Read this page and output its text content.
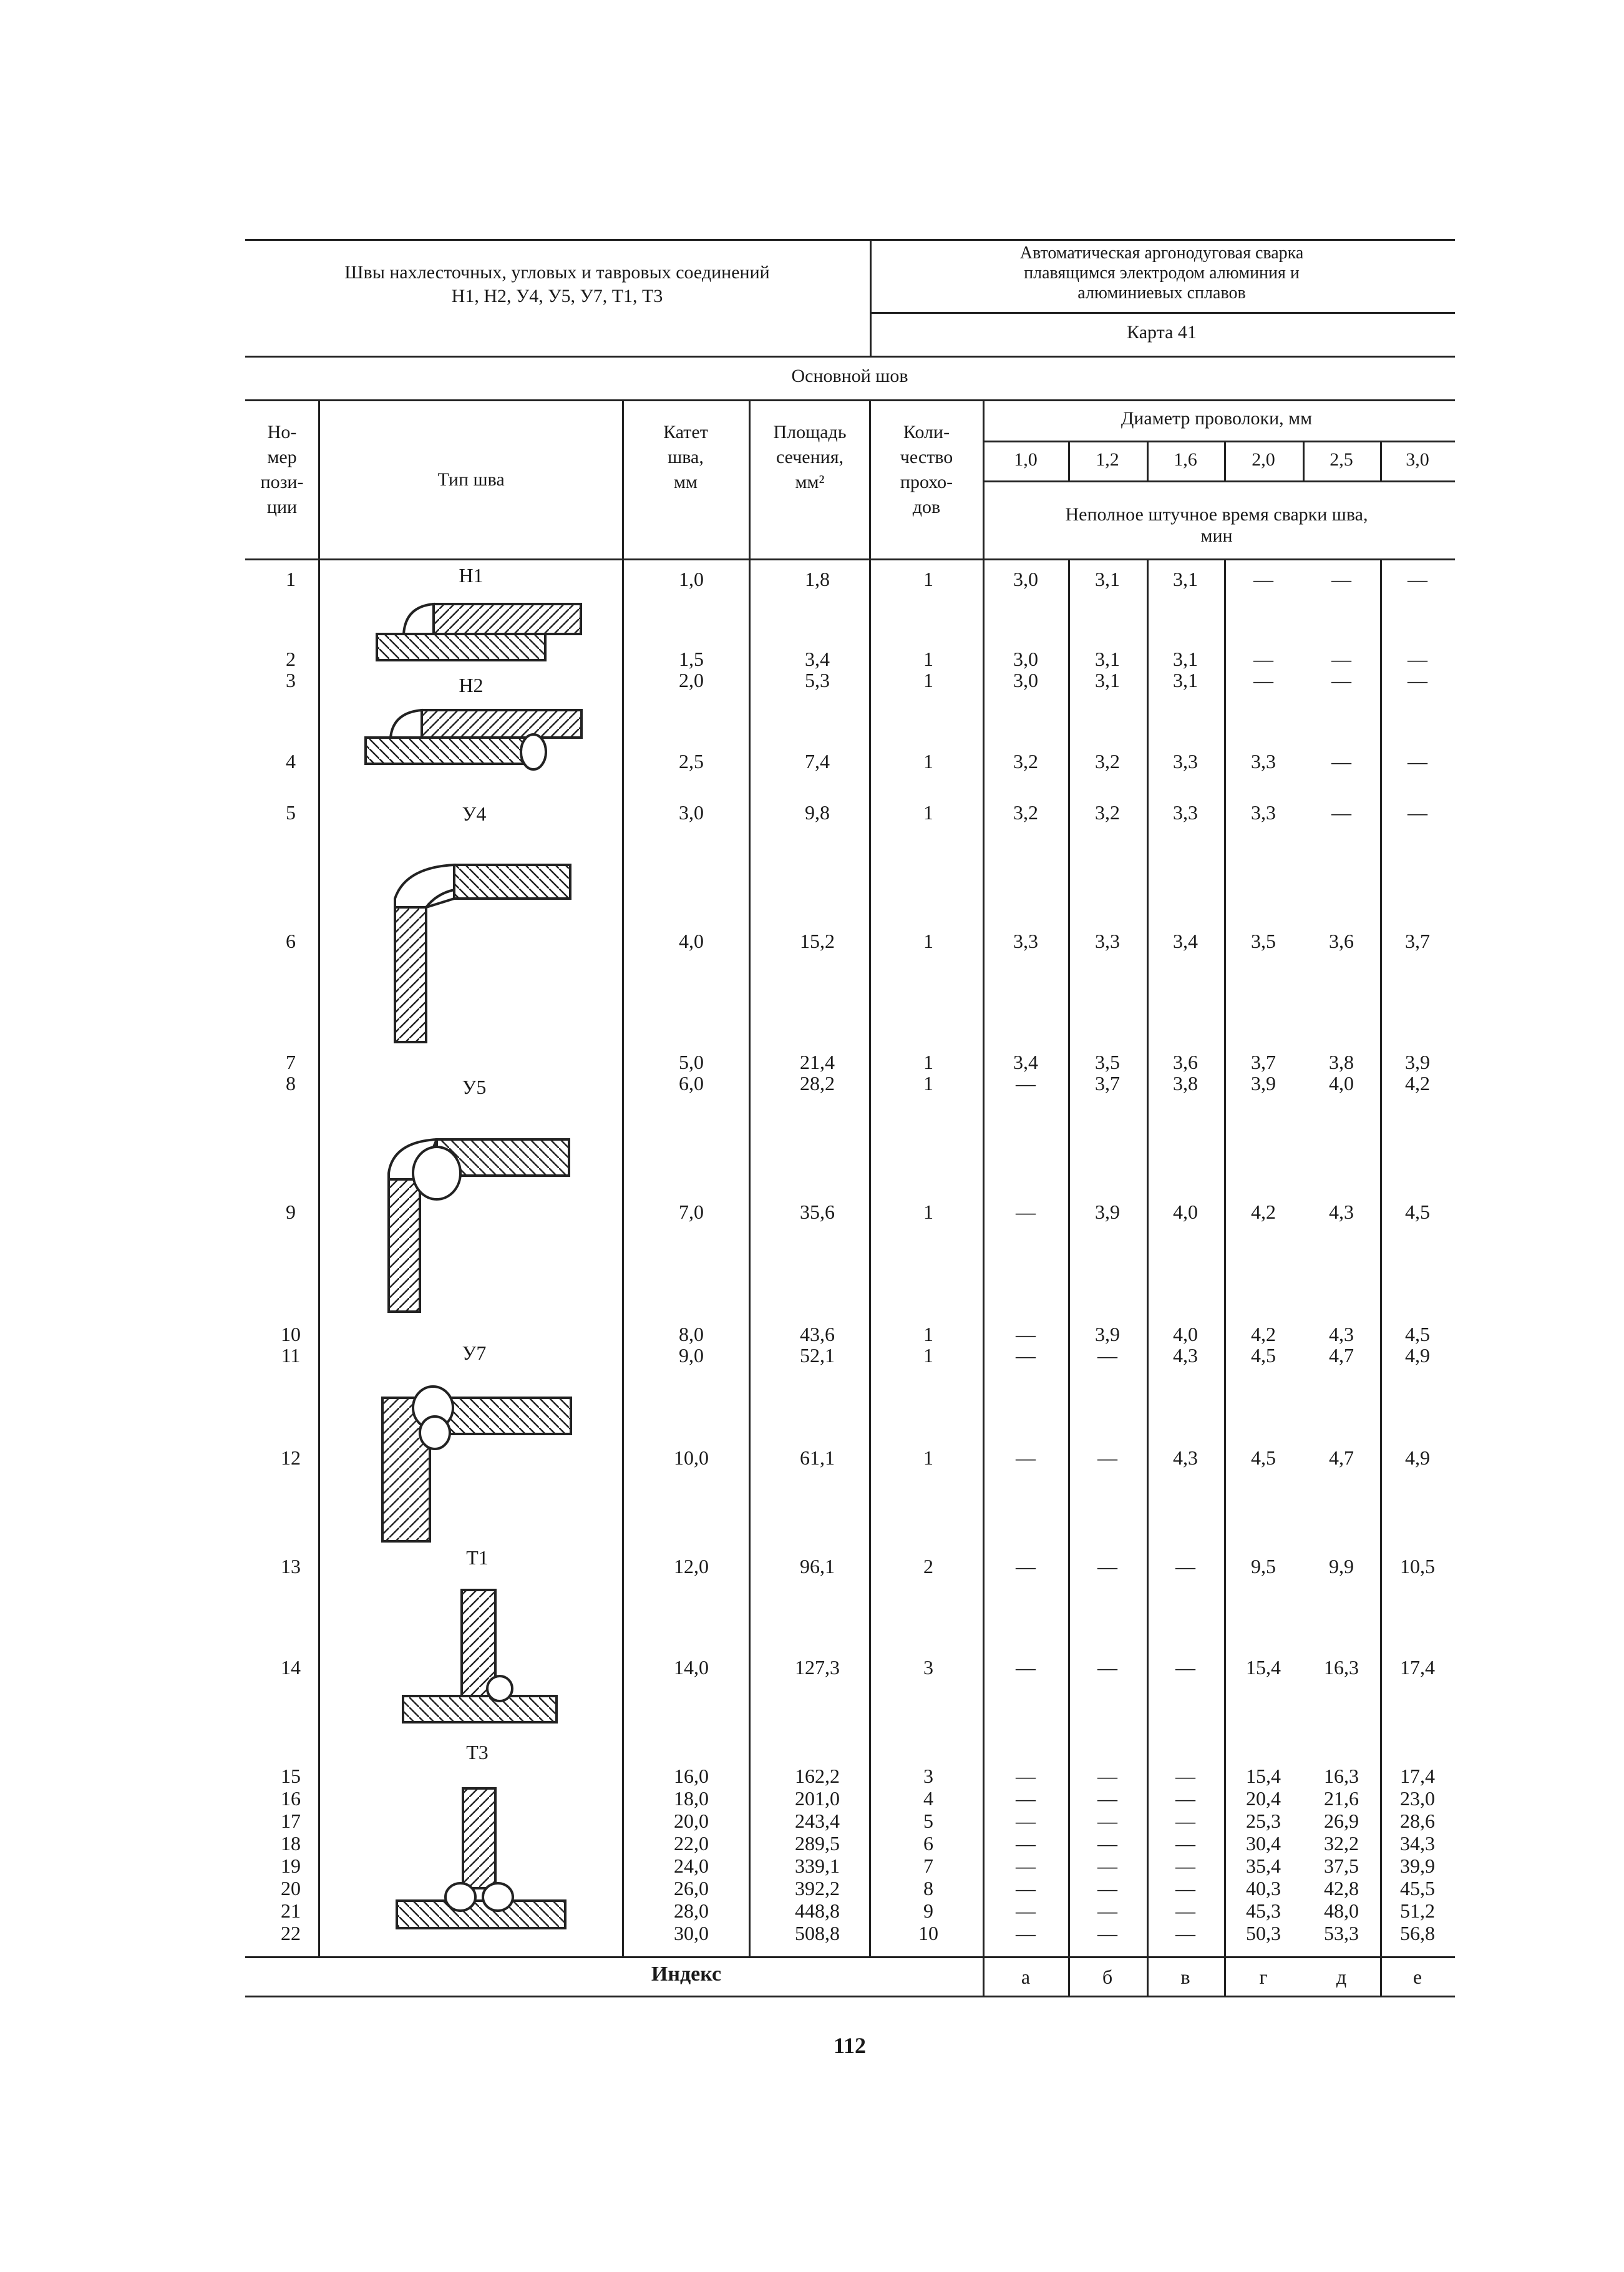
Швы нахлесточных, угловых и тавровых соединений
Н1, Н2, У4, У5, У7, Т1, Т3
Автоматическая аргонодуговая сварка
плавящимся электродом алюминия и
алюминиевых сплавов
Карта 41
Основной шов
Но-
мер
пози-
ции
Тип шва
Катет
шва,
мм
Площадь
сечения,
мм²
Коли-
чество
прохо-
дов
Диаметр проволоки, мм
1,0	1,2	1,6	2,0	2,5	3,0
Неполное штучное время сварки шва,
мин
Н1
Н2
У4
У5
У7
Т1
Т3
1	1,0	1,8	1	3,0	3,1	3,1	—	—	—
2	1,5	3,4	1	3,0	3,1	3,1	—	—	—
3	2,0	5,3	1	3,0	3,1	3,1	—	—	—
4	2,5	7,4	1	3,2	3,2	3,3	3,3	—	—
5	3,0	9,8	1	3,2	3,2	3,3	3,3	—	—
6	4,0	15,2	1	3,3	3,3	3,4	3,5	3,6	3,7
7	5,0	21,4	1	3,4	3,5	3,6	3,7	3,8	3,9
8	6,0	28,2	1	—	3,7	3,8	3,9	4,0	4,2
9	7,0	35,6	1	—	3,9	4,0	4,2	4,3	4,5
10	8,0	43,6	1	—	3,9	4,0	4,2	4,3	4,5
11	9,0	52,1	1	—	—	4,3	4,5	4,7	4,9
12	10,0	61,1	1	—	—	4,3	4,5	4,7	4,9
13	12,0	96,1	2	—	—	—	9,5	9,9 10,5
14	14,0	127,3	3	—	—	—	15,4 16,3 17,4
15	16,0	162,2	3	—	—	—	15,4 16,3 17,4
16	18,0	201,0	4	—	—	—	20,4 21,6 23,0
17	20,0	243,4	5	—	—	—	25,3 26,9 28,6
18	22,0	289,5	6	—	—	—	30,4 32,2 34,3
19	24,0	339,1	7	—	—	—	35,4 37,5 39,9
20	26,0	392,2	8	—	—	—	40,3 42,8 45,5
21	28,0	448,8	9	—	—	—	45,3 48,0 51,2
22	30,0	508,8	10	—	—	—	50,3 53,3 56,8
Индекс	а	б	в	г	д	е
112
